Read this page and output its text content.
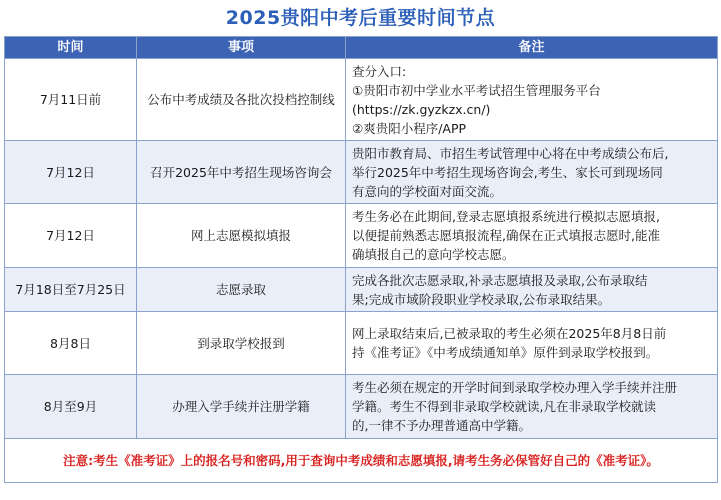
2025贵阳中考后重要时间节点
时间	事项	备注
7月11日前	公布中考成绩及各批次投档控制线	查分入口:
①贵阳市初中学业水平考试招生管理服务平台
(https://zk.gyzkzx.cn/)
②爽贵阳小程序/APP

7月12日	召开2025年中考招生现场咨询会	贵阳市教育局、市招生考试管理中心将在中考成绩公布后,
举行2025年中考招生现场咨询会,考生、家长可到现场同
有意向的学校面对面交流。

7月12日	网上志愿模拟填报	考生务必在此期间,登录志愿填报系统进行模拟志愿填报,
以便提前熟悉志愿填报流程,确保在正式填报志愿时,能准
确填报自己的意向学校志愿。

7月18日至7月25日	志愿录取	完成各批次志愿录取,补录志愿填报及录取,公布录取结
果;完成市域阶段职业学校录取,公布录取结果。

8月8日	到录取学校报到	网上录取结束后,已被录取的考生必须在2025年8月8日前
持《准考证》《中考成绩通知单》原件到录取学校报到。

8月至9月	办理入学手续并注册学籍	考生必须在规定的开学时间到录取学校办理入学手续并注册
学籍。考生不得到非录取学校就读,凡在非录取学校就读
的,一律不予办理普通高中学籍。

注意:考生《准考证》上的报名号和密码,用于查询中考成绩和志愿填报,请考生务必保管好自己的《准考证》。		
